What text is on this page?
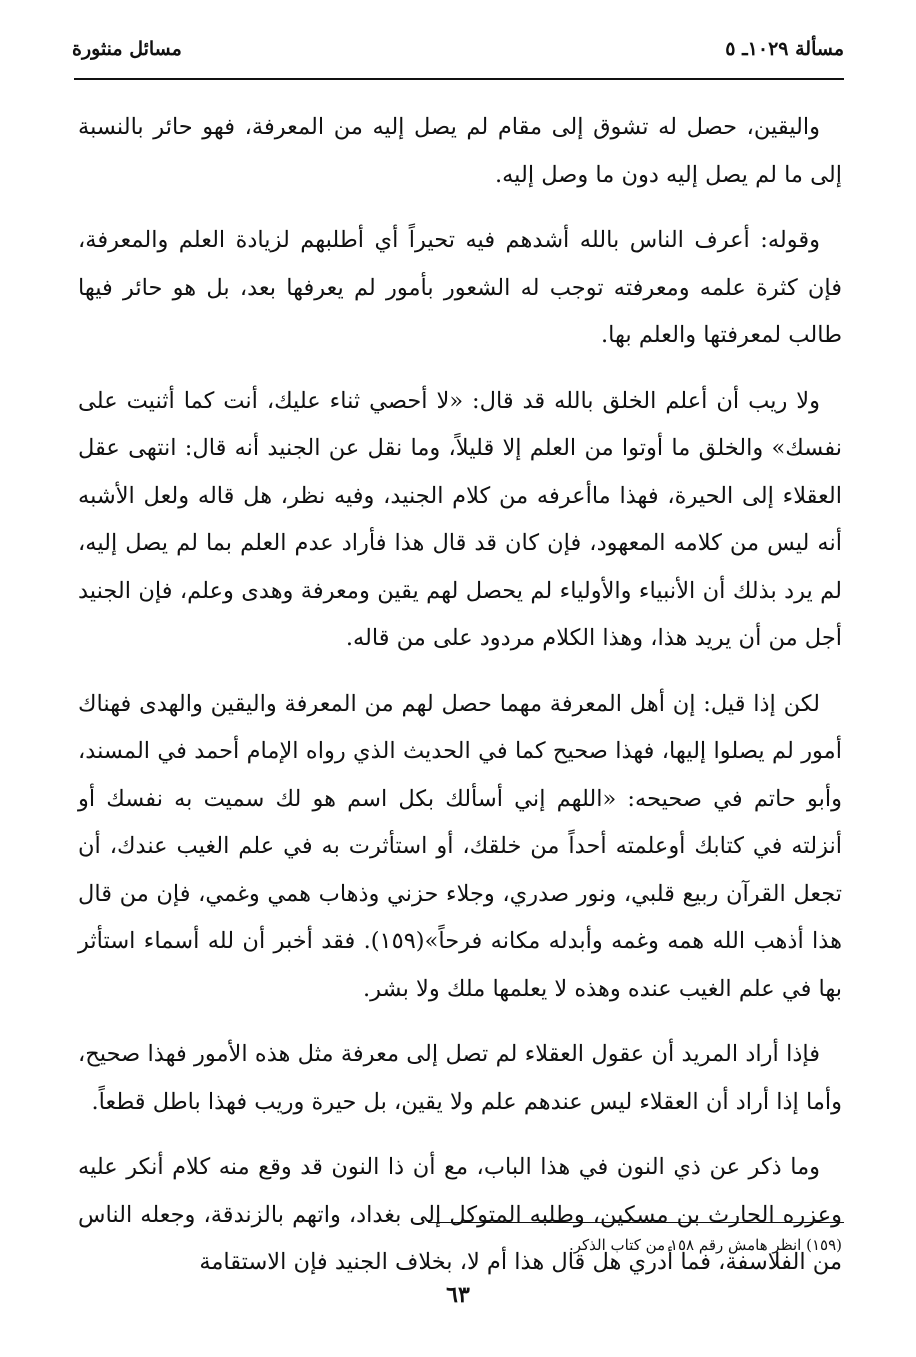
مسألة ١٠٢٩ـ ٥
مسائل منثورة

واليقين، حصل له تشوق إلى مقام لم يصل إليه من المعرفة، فهو حائر بالنسبة إلى ما لم يصل إليه دون ما وصل إليه.

وقوله: أعرف الناس بالله أشدهم فيه تحيراً أي أطلبهم لزيادة العلم والمعرفة، فإن كثرة علمه ومعرفته توجب له الشعور بأمور لم يعرفها بعد، بل هو حائر فيها طالب لمعرفتها والعلم بها.

ولا ريب أن أعلم الخلق بالله قد قال: «لا أحصي ثناء عليك، أنت كما أثنيت على نفسك» والخلق ما أوتوا من العلم إلا قليلاً، وما نقل عن الجنيد أنه قال: انتهى عقل العقلاء إلى الحيرة، فهذا ماأعرفه من كلام الجنيد، وفيه نظر، هل قاله ولعل الأشبه أنه ليس من كلامه المعهود، فإن كان قد قال هذا فأراد عدم العلم بما لم يصل إليه، لم يرد بذلك أن الأنبياء والأولياء لم يحصل لهم يقين ومعرفة وهدى وعلم، فإن الجنيد أجل من أن يريد هذا، وهذا الكلام مردود على من قاله.

لكن إذا قيل: إن أهل المعرفة مهما حصل لهم من المعرفة واليقين والهدى فهناك أمور لم يصلوا إليها، فهذا صحيح كما في الحديث الذي رواه الإمام أحمد في المسند، وأبو حاتم في صحيحه: «اللهم إني أسألك بكل اسم هو لك سميت به نفسك أو أنزلته في كتابك أوعلمته أحداً من خلقك، أو استأثرت به في علم الغيب عندك، أن تجعل القرآن ربيع قلبي، ونور صدري، وجلاء حزني وذهاب همي وغمي، فإن من قال هذا أذهب الله همه وغمه وأبدله مكانه فرحاً»(١٥٩). فقد أخبر أن لله أسماء استأثر بها في علم الغيب عنده وهذه لا يعلمها ملك ولا بشر.

فإذا أراد المريد أن عقول العقلاء لم تصل إلى معرفة مثل هذه الأمور فهذا صحيح، وأما إذا أراد أن العقلاء ليس عندهم علم ولا يقين، بل حيرة وريب فهذا باطل قطعاً.

وما ذكر عن ذي النون في هذا الباب، مع أن ذا النون قد وقع منه كلام أنكر عليه وعزره الحارث بن مسكين، وطلبه المتوكل إلى بغداد، واتهم بالزندقة، وجعله الناس من الفلاسفة، فما أدري هل قال هذا أم لا، بخلاف الجنيد فإن الاستقامة

(١٥٩) انظر هامش رقم ١٥٨ من كتاب الذكر.
٦٣
